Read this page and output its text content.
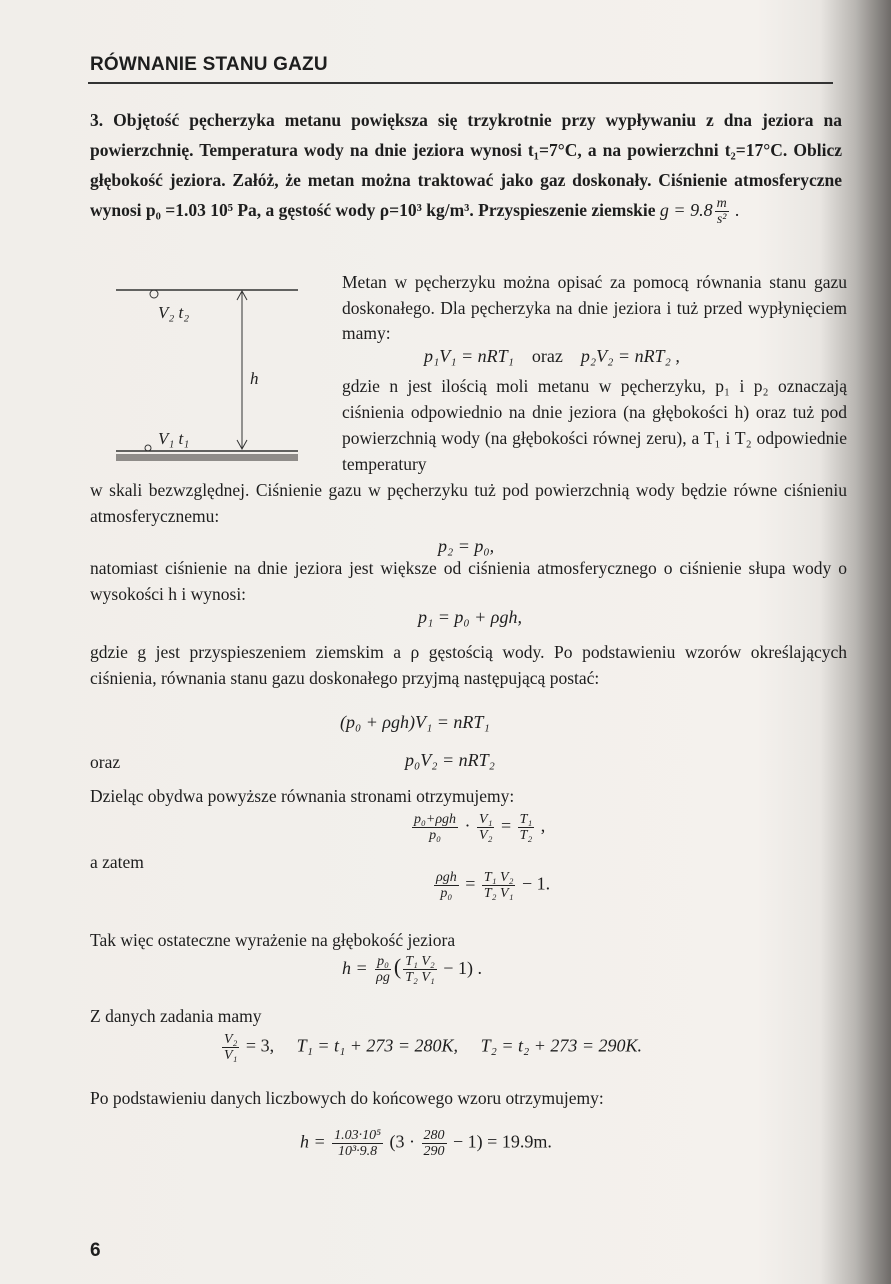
RÓWNANIE STANU GAZU
3. Objętość pęcherzyka metanu powiększa się trzykrotnie przy wypływaniu z dna jeziora na powierzchnię. Temperatura wody na dnie jeziora wynosi t₁=7°C, a na powierzchni t₂=17°C. Oblicz głębokość jeziora. Załóż, że metan można traktować jako gaz doskonały. Ciśnienie atmosferyczne wynosi p₀ =1.03 10⁵ Pa, a gęstość wody ρ=10³ kg/m³. Przyspieszenie ziemskie $g = 9.8 \frac{m}{\text{s²}}$ .
V₂ t₂
h
V₁ t₁
Metan w pęcherzyku można opisać za pomocą równania stanu gazu doskonałego. Dla pęcherzyka na dnie jeziora i tuż przed wypłynięciem mamy:
p₁V₁ = nRT₁ oraz p₂V₂ = nRT₂ ,
gdzie n jest ilością moli metanu w pęcherzyku, p₁ i p₂ oznaczają ciśnienia odpowiednio na dnie jeziora (na głębokości h) oraz tuż pod powierzchnią wody (na głębokości równej zeru), a T₁ i T₂ odpowiednie temperatury
w skali bezwzględnej. Ciśnienie gazu w pęcherzyku tuż pod powierzchnią wody będzie równe ciśnieniu atmosferycznemu:
p₂ = p₀,
natomiast ciśnienie na dnie jeziora jest większe od ciśnienia atmosferycznego o ciśnienie słupa wody o wysokości h i wynosi:
p₁ = p₀ + ρgh,
gdzie g jest przyspieszeniem ziemskim a ρ gęstością wody. Po podstawieniu wzorów określających ciśnienia, równania stanu gazu doskonałego przyjmą następującą postać:
(p₀ + ρgh)V₁ = nRT₁
oraz	p₀V₂ = nRT₂
Dzieląc obydwa powyższe równania stronami otrzymujemy:
$\frac{\text{p₀+ρgh}}{\text{p₀}} \cdot \frac{\text{V₁}}{\text{V₂}} = \frac{\text{T₁}}{\text{T₂}}$ ,
a zatem
$\frac{\text{ρgh}}{\text{p₀}} = \frac{\text{T₁ V₂}}{\text{T₂ V₁}} - 1$.
Tak więc ostateczne wyrażenie na głębokość jeziora
$h = \frac{\text{p₀}}{\rho g}$ ( $\frac{\text{T₁ V₂}}{\text{T₂ V₁}} - 1$) .
Z danych zadania mamy
$\frac{\text{V₂}}{\text{V₁}} = 3$, T₁ = t₁ + 273 = 280K, T₂ = t₂ + 273 = 290K.
Po podstawieniu danych liczbowych do końcowego wzoru otrzymujemy:
$h = \frac{\text{1.03·10⁵}}{\text{10³·9.8}} (3 \cdot \frac{280}{290} - 1) = 19.9m$.
6
